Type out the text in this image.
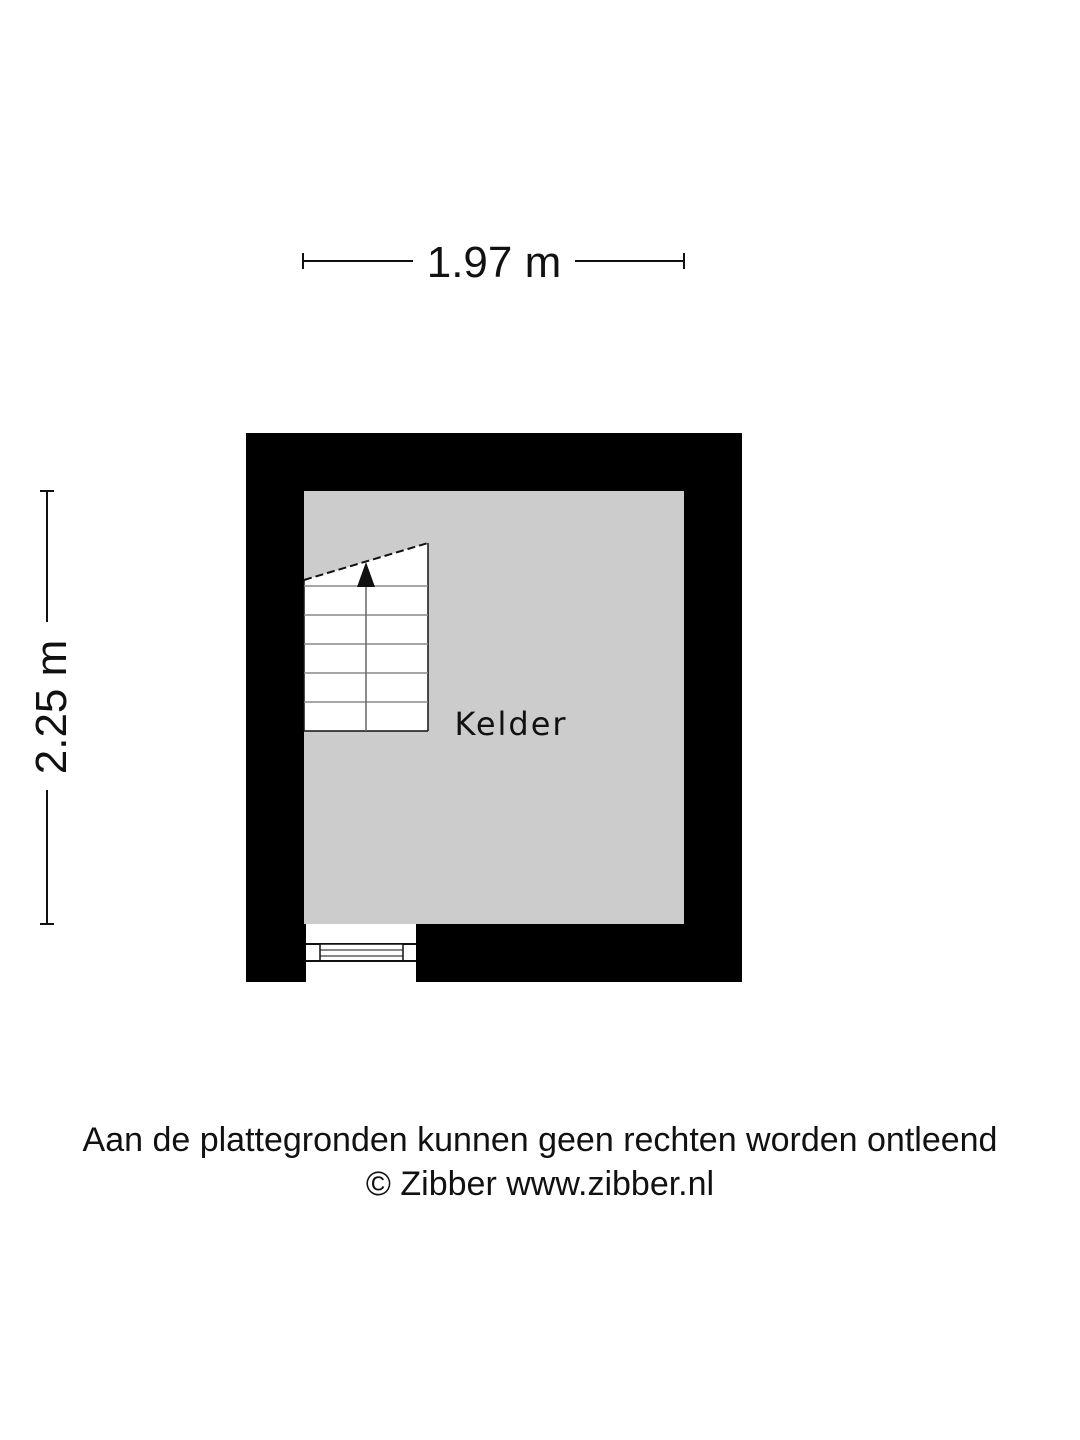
1.97 m
2.25 m	Kelder
Aan de plattegronden kunnen geen rechten worden ontleend
© Zibber www.zibber.nl
